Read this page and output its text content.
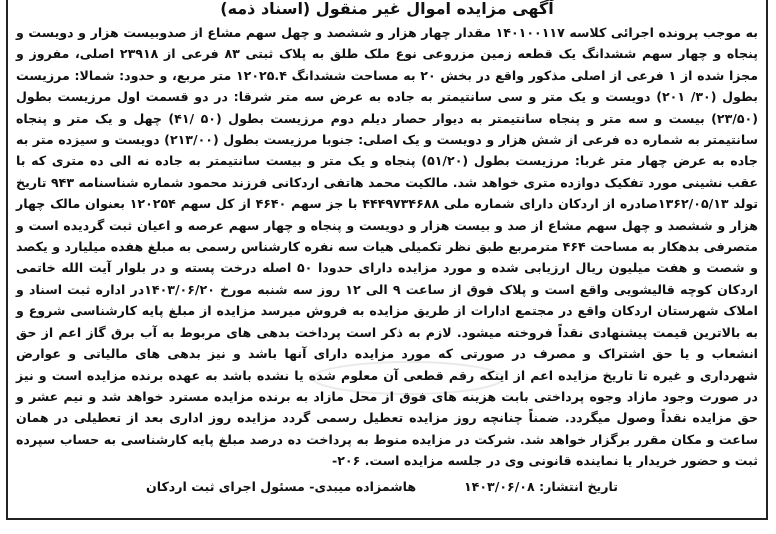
آگهی مزایده اموال غیر منقول (اسناد ذمه)

به موجب پرونده اجرائی کلاسه ۱۴۰۱۰۰۱۱۷ مقدار چهار هزار و ششصد و چهل سهم مشاع از صدوبیست هزار و دویست و پنجاه و چهار سهم ششدانگ یک قطعه زمین مزروعی نوع ملک طلق به پلاک ثبتی ۸۳ فرعی از ۲۳۹۱۸ اصلی، مفروز و مجزا شده از ۱ فرعی از اصلی مذکور واقع در بخش ۲۰ به مساحت ششدانگ ۱۲۰۲۵.۴ متر مربع، و حدود: شمالا: مرزیست بطول (۳۰/ ۲۰۱) دویست و یک متر و سی سانتیمتر به جاده به عرض سه متر شرقا: در دو قسمت اول مرزیست بطول (۲۳/۵۰) بیست و سه متر و پنجاه سانتیمتر به دیوار حصار دیلم دوم مرزیست بطول (۵۰ /۴۱) چهل و یک متر و پنجاه سانتیمتر به شماره ده فرعی از شش هزار و دویست و یک اصلی: جنوبا مرزیست بطول (۲۱۳/۰۰) دویست و سیزده متر به جاده به عرض چهار متر غربا: مرزیست بطول (۵۱/۲۰) پنجاه و یک متر و بیست سانتیمتر به جاده نه الی ده متری که با عقب نشینی مورد تفکیک دوازده متری خواهد شد. مالکیت محمد هاتفی اردکانی فرزند محمود شماره شناسنامه ۹۴۳ تاریخ تولد ۱۳۶۲/۰۵/۱۳صادره از اردکان دارای شماره ملی ۴۴۴۹۷۳۴۶۸۸ با جز سهم ۴۶۴۰ از کل سهم ۱۲۰۲۵۴ بعنوان مالک چهار هزار و ششصد و چهل سهم مشاع از صد و بیست هزار و دویست و پنجاه و چهار سهم عرصه و اعیان ثبت گردیده است و متصرفی بدهکار به مساحت ۴۶۴ مترمربع طبق نظر تکمیلی هیات سه نفره کارشناس رسمی به مبلغ هفده میلیارد و یکصد و شصت و هفت میلیون ریال ارزیابی شده و مورد مزایده دارای حدودا ۵۰ اصله درخت پسته و در بلوار آیت الله خاتمی اردکان کوچه قالیشویی واقع است و پلاک فوق از ساعت ۹ الی ۱۲ روز سه شنبه مورخ ۱۴۰۳/۰۶/۲۰در اداره ثبت اسناد و املاک شهرستان اردکان واقع در مجتمع ادارات از طریق مزایده به فروش میرسد مزایده از مبلغ پایه کارشناسی شروع و به بالاترین قیمت پیشنهادی نقداً فروخته میشود. لازم به ذکر است پرداخت بدهی های مربوط به آب برق گاز اعم از حق انشعاب و یا حق اشتراک و مصرف در صورتی که مورد مزایده دارای آنها باشد و نیز بدهی های مالیاتی و عوارض شهرداری و غیره تا تاریخ مزایده اعم از اینکه رقم قطعی آن معلوم شده یا نشده باشد به عهده برنده مزایده است و نیز در صورت وجود مازاد وجوه پرداختی بابت هزینه های فوق از محل مازاد به برنده مزایده مسترد خواهد شد و نیم عشر و حق مزایده نقداً وصول میگردد. ضمناً چنانچه روز مزایده تعطیل رسمی گردد مزایده روز اداری بعد از تعطیلی در همان ساعت و مکان مقرر برگزار خواهد شد. شرکت در مزایده منوط به پرداخت ده درصد مبلغ پایه کارشناسی به حساب سپرده ثبت و حضور خریدار یا نماینده قانونی وی در جلسه مزایده است. ۲۰۶-

تاریخ انتشار: ۱۴۰۳/۰۶/۰۸
هاشمزاده میبدی- مسئول اجرای ثبت اردکان
